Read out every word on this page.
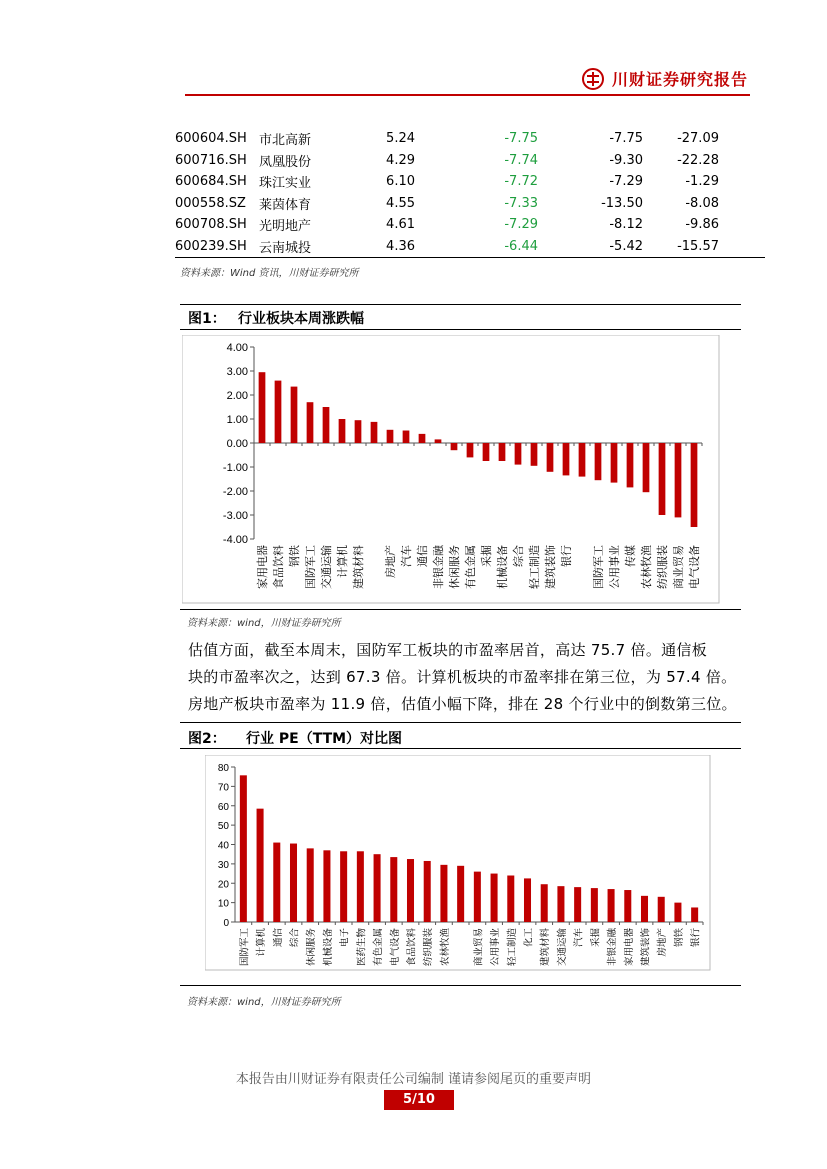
川财证券研究报告
600604.SH	市北高新	5.24	-7.75	-7.75	-27.09
600716.SH	凤凰股份	4.29	-7.74	-9.30	-22.28
600684.SH	珠江实业	6.10	-7.72	-7.29	-1.29
000558.SZ	莱茵体育	4.55	-7.33	-13.50	-8.08
600708.SH	光明地产	4.61	-7.29	-8.12	-9.86
600239.SH	云南城投	4.36	-6.44	-5.42	-15.57
资料来源：Wind 资讯，川财证券研究所
图1： 行业板块本周涨跌幅
4.00
3.00
2.00
1.00
0.00
-1.00
-2.00
-3.00
-4.00
家用电器 食品饮料 钢铁 国防军工 交通运输 计算机 建筑材料 房地产 汽车 通信 非银金融 休闲服务 有色金属 采掘 机械设备 综合 轻工制造 建筑装饰 银行 国防军工 公用事业 传媒 农林牧渔 纺织服装 商业贸易 电气设备
资料来源：wind，川财证券研究所
估值方面，截至本周末，国防军工板块的市盈率居首，高达 75.7 倍。通信板
块的市盈率次之，达到 67.3 倍。计算机板块的市盈率排在第三位，为 57.4 倍。
房地产板块市盈率为 11.9 倍，估值小幅下降，排在 28 个行业中的倒数第三位。
图2： 行业 PE（TTM）对比图
80
70
60
50
40
30
20
10
0
国防军工 计算机 通信 综合 休闲服务 机械设备 电子 医药生物 有色金属 电气设备 食品饮料 纺织服装 农林牧渔 商业贸易 公用事业 轻工制造 化工 建筑材料 交通运输 汽车 采掘 非银金融 家用电器 建筑装饰 房地产 钢铁 银行
资料来源：wind，川财证券研究所
本报告由川财证券有限责任公司编制 谨请参阅尾页的重要声明
5/10
